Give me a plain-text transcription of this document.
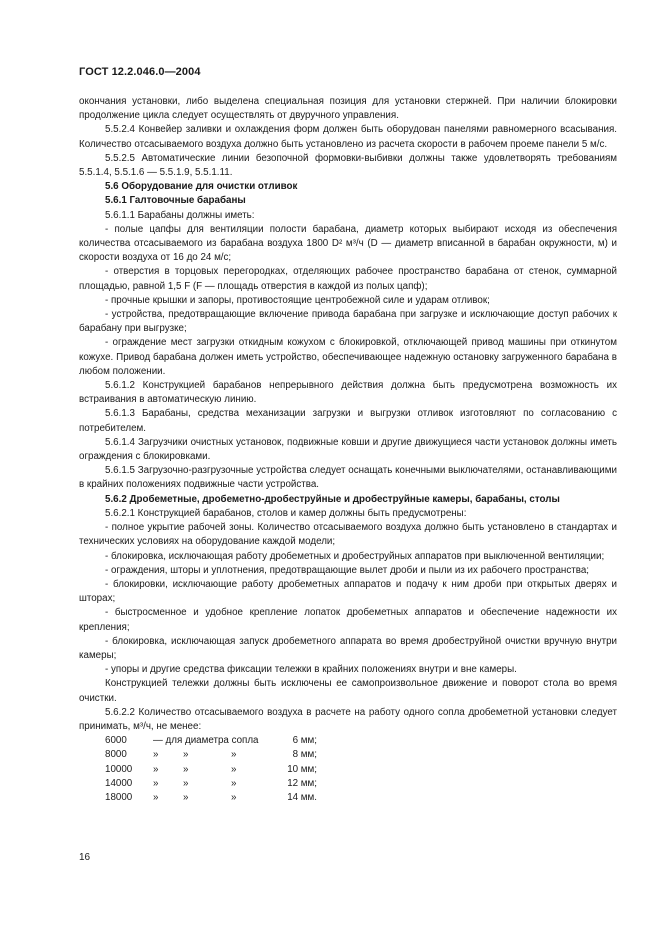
ГОСТ 12.2.046.0—2004

окончания установки, либо выделена специальная позиция для установки стержней. При наличии блокировки продолжение цикла следует осуществлять от двуручного управления.

5.5.2.4 Конвейер заливки и охлаждения форм должен быть оборудован панелями равномерного всасывания. Количество отсасываемого воздуха должно быть установлено из расчета скорости в рабочем проеме панели 5 м/с.

5.5.2.5 Автоматические линии безопочной формовки-выбивки должны также удовлетворять требованиям 5.5.1.4, 5.5.1.6 — 5.5.1.9, 5.5.1.11.

5.6 Оборудование для очистки отливок

5.6.1 Галтовочные барабаны

5.6.1.1 Барабаны должны иметь:

- полые цапфы для вентиляции полости барабана, диаметр которых выбирают исходя из обеспечения количества отсасываемого из барабана воздуха 1800 D² м³/ч (D — диаметр вписанной в барабан окружности, м) и скорости воздуха от 16 до 24 м/с;

- отверстия в торцовых перегородках, отделяющих рабочее пространство барабана от стенок, суммарной площадью, равной 1,5 F (F — площадь отверстия в каждой из полых цапф);

- прочные крышки и запоры, противостоящие центробежной силе и ударам отливок;

- устройства, предотвращающие включение привода барабана при загрузке и исключающие доступ рабочих к барабану при выгрузке;

- ограждение мест загрузки откидным кожухом с блокировкой, отключающей привод машины при откинутом кожухе. Привод барабана должен иметь устройство, обеспечивающее надежную остановку загруженного барабана в любом положении.

5.6.1.2 Конструкцией барабанов непрерывного действия должна быть предусмотрена возможность их встраивания в автоматическую линию.

5.6.1.3 Барабаны, средства механизации загрузки и выгрузки отливок изготовляют по согласованию с потребителем.

5.6.1.4 Загрузчики очистных установок, подвижные ковши и другие движущиеся части установок должны иметь ограждения с блокировками.

5.6.1.5 Загрузочно-разгрузочные устройства следует оснащать конечными выключателями, останавливающими в крайних положениях подвижные части устройства.

5.6.2 Дробеметные, дробеметно-дробеструйные и дробеструйные камеры, барабаны, столы

5.6.2.1 Конструкцией барабанов, столов и камер должны быть предусмотрены:

- полное укрытие рабочей зоны. Количество отсасываемого воздуха должно быть установлено в стандартах и технических условиях на оборудование каждой модели;

- блокировка, исключающая работу дробеметных и дробеструйных аппаратов при выключенной вентиляции;

- ограждения, шторы и уплотнения, предотвращающие вылет дроби и пыли из их рабочего пространства;

- блокировки, исключающие работу дробеметных аппаратов и подачу к ним дроби при открытых дверях и шторах;

- быстросменное и удобное крепление лопаток дробеметных аппаратов и обеспечение надежности их крепления;

- блокировка, исключающая запуск дробеметного аппарата во время дробеструйной очистки вручную внутри камеры;

- упоры и другие средства фиксации тележки в крайних положениях внутри и вне камеры.

Конструкцией тележки должны быть исключены ее самопроизвольное движение и поворот стола во время очистки.

5.6.2.2 Количество отсасываемого воздуха в расчете на работу одного сопла дробеметной установки следует принимать, м³/ч, не менее:

6000	— для диаметра сопла			6 мм;
8000	»	»	»	8 мм;
10000	»	»	»	10 мм;
14000	»	»	»	12 мм;
18000	»	»	»	14 мм.
16
